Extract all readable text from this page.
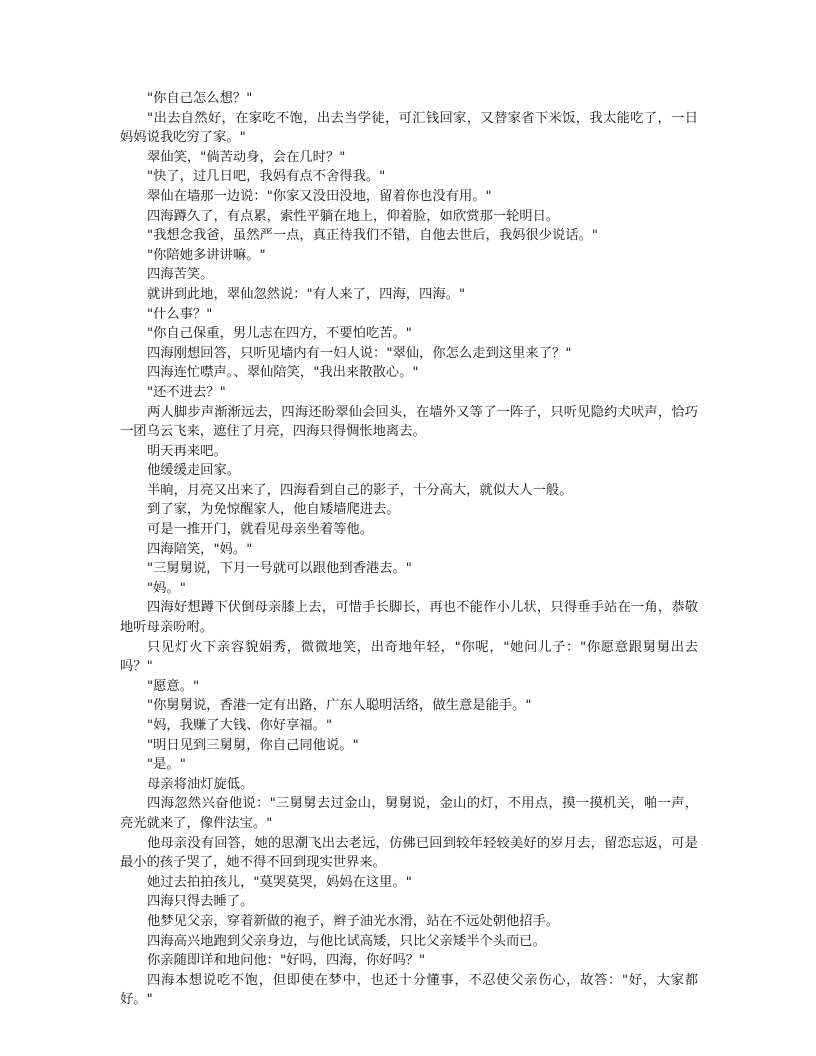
"你自己怎么想？"

"出去自然好，在家吃不饱，出去当学徒，可汇钱回家，又替家省下米饭，我太能吃了，一日妈妈说我吃穷了家。"

翠仙笑，"倘苦动身，会在几时？"

"快了，过几日吧，我妈有点不舍得我。"

翠仙在墙那一边说："你家又没田没地，留着你也没有用。"

四海蹲久了，有点累，索性平躺在地上，仰着脸，如欣赏那一轮明日。

"我想念我爸，虽然严一点，真正待我们不错，自他去世后，我妈很少说话。"

"你陪她多讲讲嘛。"

四海苦笑。

就讲到此地，翠仙忽然说："有人来了，四海，四海。"

"什么事？"

"你自己保重，男儿志在四方，不要怕吃苦。"

四海刚想回答，只听见墙内有一妇人说："翠仙，你怎么走到这里来了？"

四海连忙噤声。、翠仙陪笑，"我出来散散心。"

"还不进去？"

两人脚步声渐渐远去，四海还盼翠仙会回头，在墙外又等了一阵子，只听见隐约犬吠声，恰巧一团乌云飞来，遮住了月亮，四海只得惆怅地离去。

明天再来吧。

他缓缓走回家。

半晌，月亮又出来了，四海看到自己的影子，十分高大，就似大人一般。

到了家，为免惊醒家人，他自矮墙爬进去。

可是一推开门，就看见母亲坐着等他。

四海陪笑，"妈。"

"三舅舅说，下月一号就可以跟他到香港去。"

"妈。"

四海好想蹲下伏倒母亲膝上去，可惜手长脚长，再也不能作小儿状，只得垂手站在一角，恭敬地听母亲吩咐。

只见灯火下亲容貌娟秀，微微地笑，出奇地年轻，"你呢，"她问儿子："你愿意跟舅舅出去吗？"

"愿意。"

"你舅舅说，香港一定有出路，广东人聪明活络，做生意是能手。"

"妈，我赚了大钱、你好享福。"

"明日见到三舅舅，你自己同他说。"

"是。"

母亲将油灯旋低。

四海忽然兴奋他说："三舅舅去过金山，舅舅说，金山的灯，不用点，摸一摸机关，啪一声，亮光就来了，像件法宝。"

他母亲没有回答，她的思潮飞出去老远，仿佛已回到较年轻较美好的岁月去，留恋忘返，可是最小的孩子哭了，她不得不回到现实世界来。

她过去拍拍孩儿，"莫哭莫哭，妈妈在这里。"

四海只得去睡了。

他梦见父亲，穿着新做的袍子，辫子油光水滑，站在不远处朝他招手。

四海高兴地跑到父亲身边，与他比试高矮，只比父亲矮半个头而已。

你亲随即详和地问他："好吗，四海，你好吗？"

四海本想说吃不饱，但即使在梦中，也还十分懂事，不忍使父亲伤心，故答："好，大家都好。"
